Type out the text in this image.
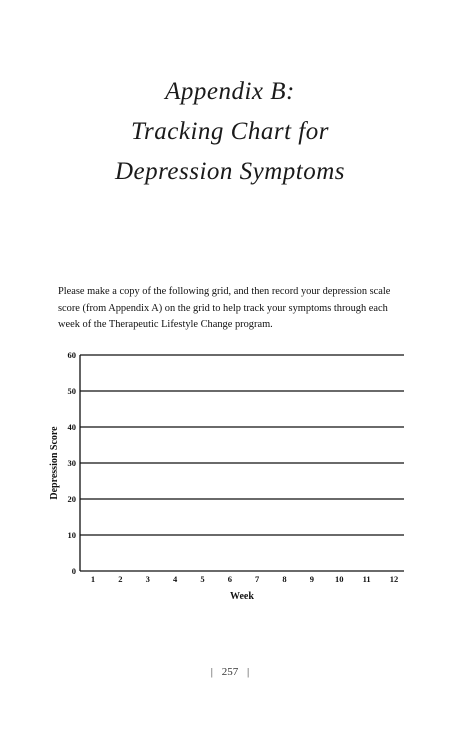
Appendix B:
Tracking Chart for
Depression Symptoms

Please make a copy of the following grid, and then record your depression scale score (from Appendix A) on the grid to help track your symptoms through each week of the Therapeutic Lifestyle Change program.

0
10
20
30
40
50
60
1	2	3	4	5	6	7	8	9 10 11 12
Week
Depression Score
| 257 |
